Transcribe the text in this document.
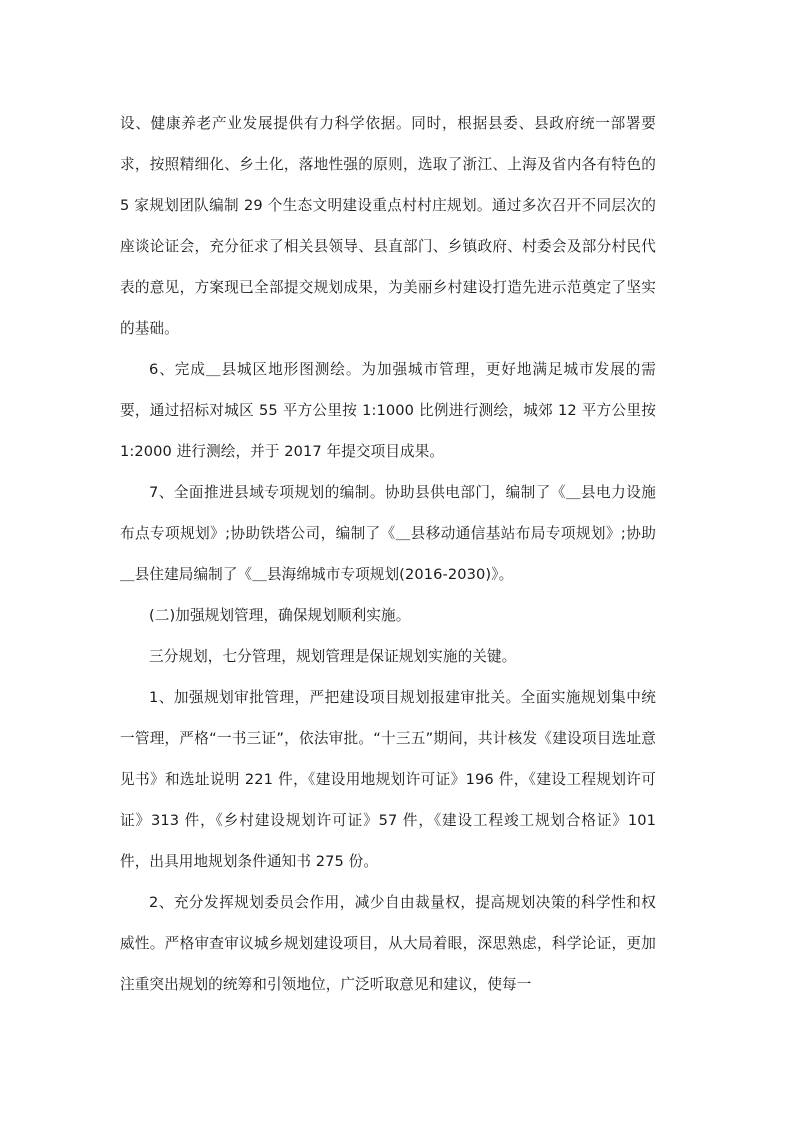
设、健康养老产业发展提供有力科学依据。同时，根据县委、县政府统一部署要求，按照精细化、乡土化，落地性强的原则，选取了浙江、上海及省内各有特色的 5 家规划团队编制 29 个生态文明建设重点村村庄规划。通过多次召开不同层次的座谈论证会，充分征求了相关县领导、县直部门、乡镇政府、村委会及部分村民代表的意见，方案现已全部提交规划成果，为美丽乡村建设打造先进示范奠定了坚实的基础。

6、完成＿县城区地形图测绘。为加强城市管理，更好地满足城市发展的需要，通过招标对城区 55 平方公里按 1:1000 比例进行测绘，城郊 12 平方公里按 1:2000 进行测绘，并于 2017 年提交项目成果。

7、全面推进县域专项规划的编制。协助县供电部门，编制了《＿县电力设施布点专项规划》;协助铁塔公司，编制了《＿县移动通信基站布局专项规划》;协助＿县住建局编制了《＿县海绵城市专项规划(2016-2030)》。

(二)加强规划管理，确保规划顺利实施。

三分规划，七分管理，规划管理是保证规划实施的关键。

1、加强规划审批管理，严把建设项目规划报建审批关。全面实施规划集中统一管理，严格“一书三证”，依法审批。“十三五”期间，共计核发《建设项目选址意见书》和选址说明 221 件，《建设用地规划许可证》196 件，《建设工程规划许可证》313 件，《乡村建设规划许可证》57 件，《建设工程竣工规划合格证》101 件，出具用地规划条件通知书 275 份。

2、充分发挥规划委员会作用，减少自由裁量权，提高规划决策的科学性和权威性。严格审查审议城乡规划建设项目，从大局着眼，深思熟虑，科学论证，更加注重突出规划的统筹和引领地位，广泛听取意见和建议，使每一
